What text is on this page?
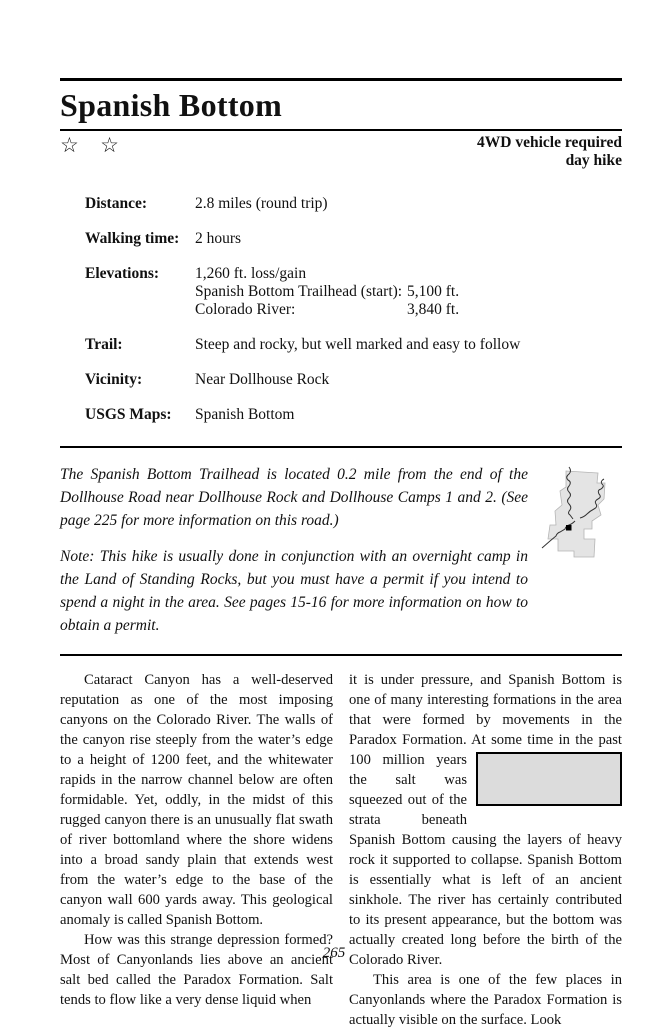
Spanish Bottom
☆ ☆	4WD vehicle required
day hike
Distance:	2.8 miles (round trip)
Walking time:	2 hours
Elevations:	1,260 ft. loss/gain
Spanish Bottom Trailhead (start): 5,100 ft.
Colorado River:	3,840 ft.
Trail:	Steep and rocky, but well marked and easy to follow
Vicinity:	Near Dollhouse Rock
USGS Maps:	Spanish Bottom

The Spanish Bottom Trailhead is located 0.2 mile from the end of the Dollhouse Road near Dollhouse Rock and Dollhouse Camps 1 and 2. (See page 225 for more information on this road.)

Note: This hike is usually done in conjunction with an overnight camp in the Land of Standing Rocks, but you must have a permit if you intend to spend a night in the area. See pages 15-16 for more information on how to obtain a permit.

Cataract Canyon has a well-deserved reputation as one of the most imposing canyons on the Colorado River. The walls of the canyon rise steeply from the water’s edge to a height of 1200 feet, and the whitewater rapids in the narrow channel below are often formidable. Yet, oddly, in the midst of this rugged canyon there is an unusually flat swath of river bottomland where the shore widens into a broad sandy plain that extends west from the water’s edge to the base of the canyon wall 600 yards away. This geological anomaly is called Spanish Bottom.

How was this strange depression formed? Most of Canyonlands lies above an ancient salt bed called the Paradox Formation. Salt tends to flow like a very dense liquid when

it is under pressure, and Spanish Bottom is one of many interesting formations in the area that were formed by movements in the Paradox Formation. At some time in the past 100 million years the salt was squeezed out of the strata beneath Spanish Bottom causing the layers of heavy rock it supported to collapse. Spanish Bottom is essentially what is left of an ancient sinkhole. The river has certainly contributed to its present appearance, but the bottom was actually created long before the birth of the Colorado River.

This area is one of the few places in Canyonlands where the Paradox Formation is actually visible on the surface. Look

265
